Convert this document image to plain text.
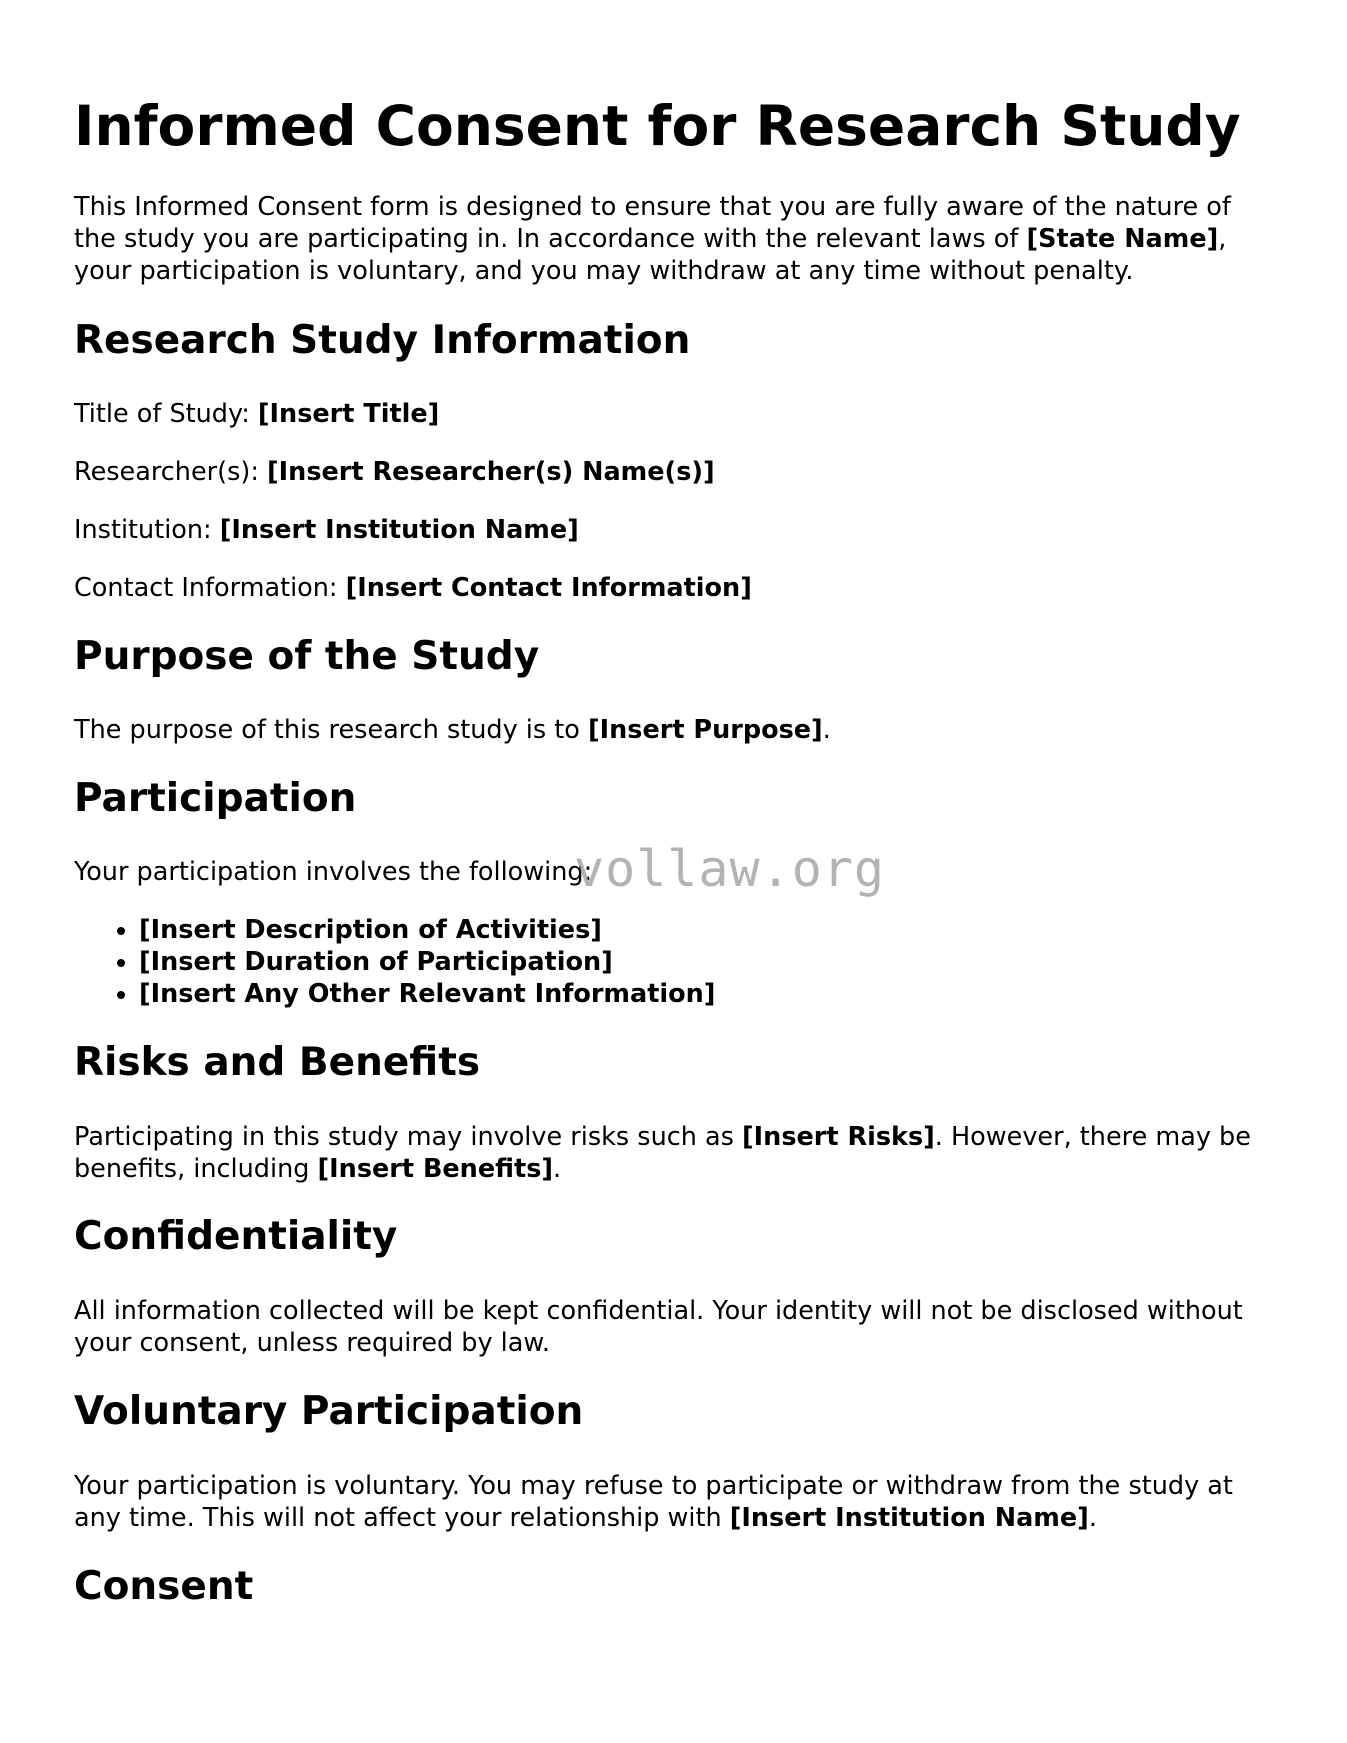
Informed Consent for Research Study

This Informed Consent form is designed to ensure that you are fully aware of the nature of the study you are participating in. In accordance with the relevant laws of [State Name], your participation is voluntary, and you may withdraw at any time without penalty.

Research Study Information

Title of Study: [Insert Title]

Researcher(s): [Insert Researcher(s) Name(s)]

Institution: [Insert Institution Name]

Contact Information: [Insert Contact Information]

Purpose of the Study

The purpose of this research study is to [Insert Purpose].

Participation

Your participation involves the following:

• [Insert Description of Activities]
• [Insert Duration of Participation]
• [Insert Any Other Relevant Information]
Risks and Benefits

Participating in this study may involve risks such as [Insert Risks]. However, there may be benefits, including [Insert Benefits].

Confidentiality

All information collected will be kept confidential. Your identity will not be disclosed without your consent, unless required by law.

Voluntary Participation

Your participation is voluntary. You may refuse to participate or withdraw from the study at any time. This will not affect your relationship with [Insert Institution Name].

Consent
vollaw.org
